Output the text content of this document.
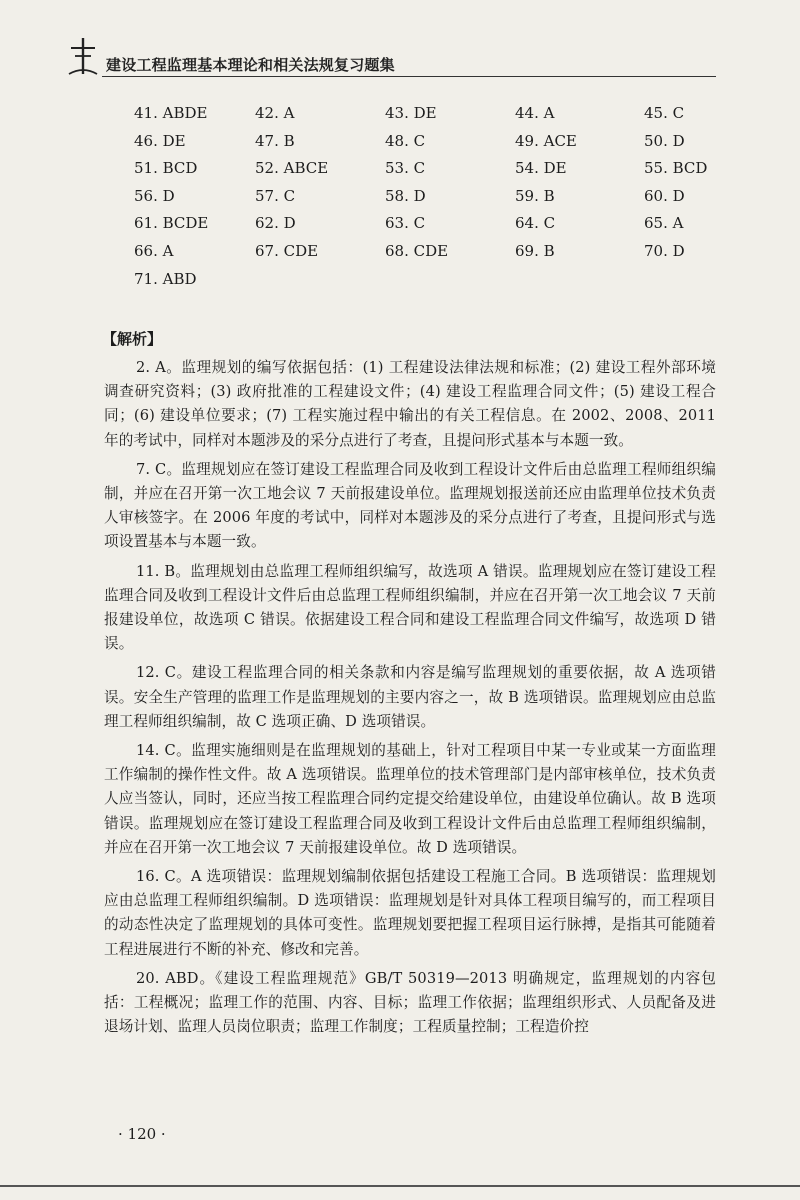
建设工程监理基本理论和相关法规复习题集
41. ABDE	42. A	43. DE	44. A	45. C
46. DE	47. B	48. C	49. ACE	50. D
51. BCD	52. ABCE	53. C	54. DE	55. BCD
56. D	57. C	58. D	59. B	60. D
61. BCDE	62. D	63. C	64. C	65. A
66. A	67. CDE	68. CDE	69. B	70. D
71. ABD
【解析】

2. A。监理规划的编写依据包括：(1) 工程建设法律法规和标准；(2) 建设工程外部环境调查研究资料；(3) 政府批准的工程建设文件；(4) 建设工程监理合同文件；(5) 建设工程合同；(6) 建设单位要求；(7) 工程实施过程中输出的有关工程信息。在 2002、2008、2011 年的考试中，同样对本题涉及的采分点进行了考查，且提问形式基本与本题一致。

7. C。监理规划应在签订建设工程监理合同及收到工程设计文件后由总监理工程师组织编制，并应在召开第一次工地会议 7 天前报建设单位。监理规划报送前还应由监理单位技术负责人审核签字。在 2006 年度的考试中，同样对本题涉及的采分点进行了考查，且提问形式与选项设置基本与本题一致。

11. B。监理规划由总监理工程师组织编写，故选项 A 错误。监理规划应在签订建设工程监理合同及收到工程设计文件后由总监理工程师组织编制，并应在召开第一次工地会议 7 天前报建设单位，故选项 C 错误。依据建设工程合同和建设工程监理合同文件编写，故选项 D 错误。

12. C。建设工程监理合同的相关条款和内容是编写监理规划的重要依据，故 A 选项错误。安全生产管理的监理工作是监理规划的主要内容之一，故 B 选项错误。监理规划应由总监理工程师组织编制，故 C 选项正确、D 选项错误。

14. C。监理实施细则是在监理规划的基础上，针对工程项目中某一专业或某一方面监理工作编制的操作性文件。故 A 选项错误。监理单位的技术管理部门是内部审核单位，技术负责人应当签认，同时，还应当按工程监理合同约定提交给建设单位，由建设单位确认。故 B 选项错误。监理规划应在签订建设工程监理合同及收到工程设计文件后由总监理工程师组织编制，并应在召开第一次工地会议 7 天前报建设单位。故 D 选项错误。

16. C。A 选项错误：监理规划编制依据包括建设工程施工合同。B 选项错误：监理规划应由总监理工程师组织编制。D 选项错误：监理规划是针对具体工程项目编写的，而工程项目的动态性决定了监理规划的具体可变性。监理规划要把握工程项目运行脉搏，是指其可能随着工程进展进行不断的补充、修改和完善。

20. ABD。《建设工程监理规范》GB/T 50319—2013 明确规定，监理规划的内容包括：工程概况；监理工作的范围、内容、目标；监理工作依据；监理组织形式、人员配备及进退场计划、监理人员岗位职责；监理工作制度；工程质量控制；工程造价控

· 120 ·
